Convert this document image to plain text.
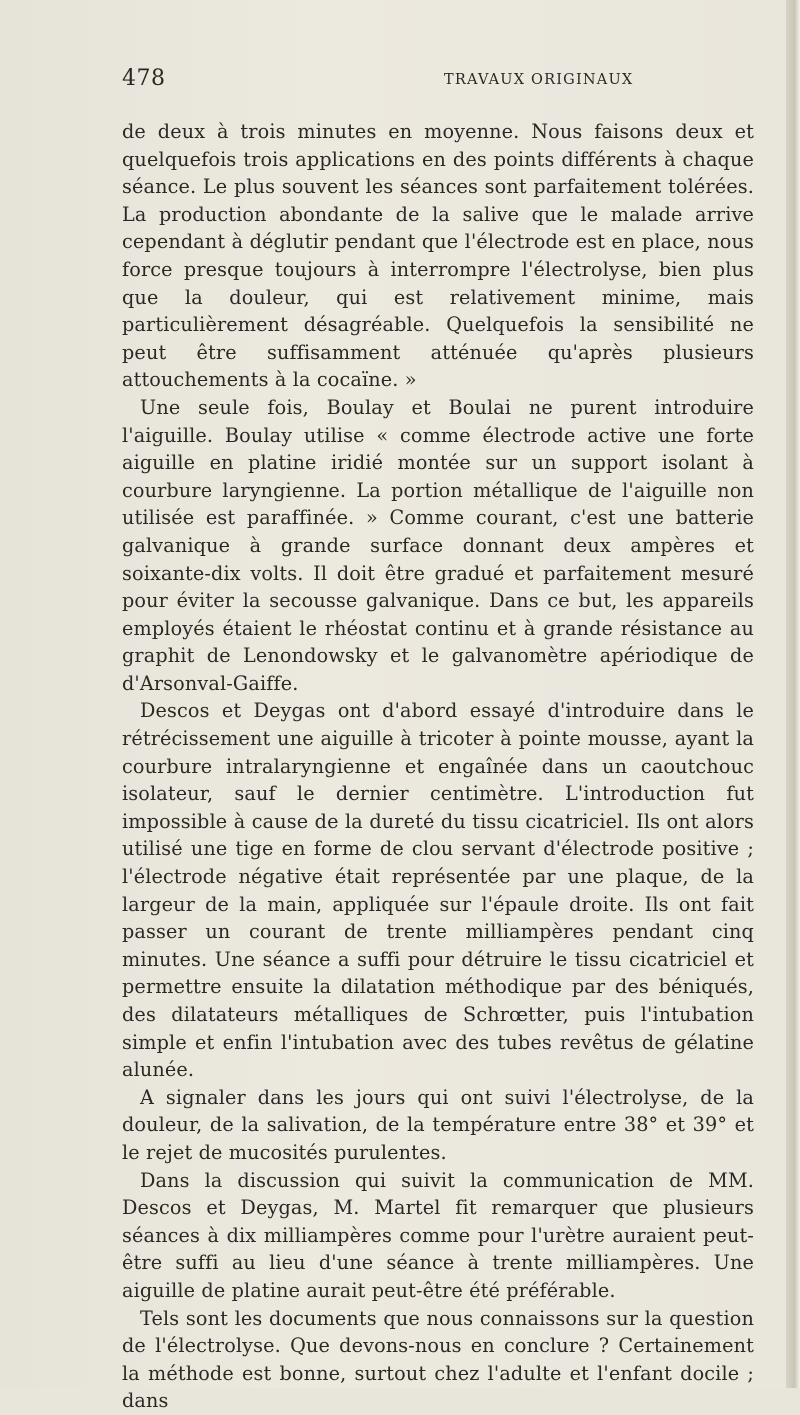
478	TRAVAUX ORIGINAUX

de deux à trois minutes en moyenne. Nous faisons deux et quelquefois trois applications en des points différents à chaque séance. Le plus souvent les séances sont parfaitement tolérées. La production abondante de la salive que le malade arrive cependant à déglutir pendant que l'électrode est en place, nous force presque toujours à interrompre l'électrolyse, bien plus que la douleur, qui est relativement minime, mais particulièrement désagréable. Quelquefois la sensibilité ne peut être suffisamment atténuée qu'après plusieurs attouchements à la cocaïne. »

Une seule fois, Boulay et Boulai ne purent introduire l'aiguille. Boulay utilise « comme électrode active une forte aiguille en platine iridié montée sur un support isolant à courbure laryngienne. La portion métallique de l'aiguille non utilisée est paraffinée. » Comme courant, c'est une batterie galvanique à grande surface donnant deux ampères et soixante-dix volts. Il doit être gradué et parfaitement mesuré pour éviter la secousse galvanique. Dans ce but, les appareils employés étaient le rhéostat continu et à grande résistance au graphit de Lenondowsky et le galvanomètre apériodique de d'Arsonval-Gaiffe.

Descos et Deygas ont d'abord essayé d'introduire dans le rétrécissement une aiguille à tricoter à pointe mousse, ayant la courbure intralaryngienne et engaînée dans un caoutchouc isolateur, sauf le dernier centimètre. L'introduction fut impossible à cause de la dureté du tissu cicatriciel. Ils ont alors utilisé une tige en forme de clou servant d'électrode positive ; l'électrode négative était représentée par une plaque, de la largeur de la main, appliquée sur l'épaule droite. Ils ont fait passer un courant de trente milliampères pendant cinq minutes. Une séance a suffi pour détruire le tissu cicatriciel et permettre ensuite la dilatation méthodique par des béniqués, des dilatateurs métalliques de Schrœtter, puis l'intubation simple et enfin l'intubation avec des tubes revêtus de gélatine alunée.

A signaler dans les jours qui ont suivi l'électrolyse, de la douleur, de la salivation, de la température entre 38° et 39° et le rejet de mucosités purulentes.

Dans la discussion qui suivit la communication de MM. Descos et Deygas, M. Martel fit remarquer que plusieurs séances à dix milliampères comme pour l'urètre auraient peut-être suffi au lieu d'une séance à trente milliampères. Une aiguille de platine aurait peut-être été préférable.

Tels sont les documents que nous connaissons sur la question de l'électrolyse. Que devons-nous en conclure ? Certainement la méthode est bonne, surtout chez l'adulte et l'enfant docile ; dans
